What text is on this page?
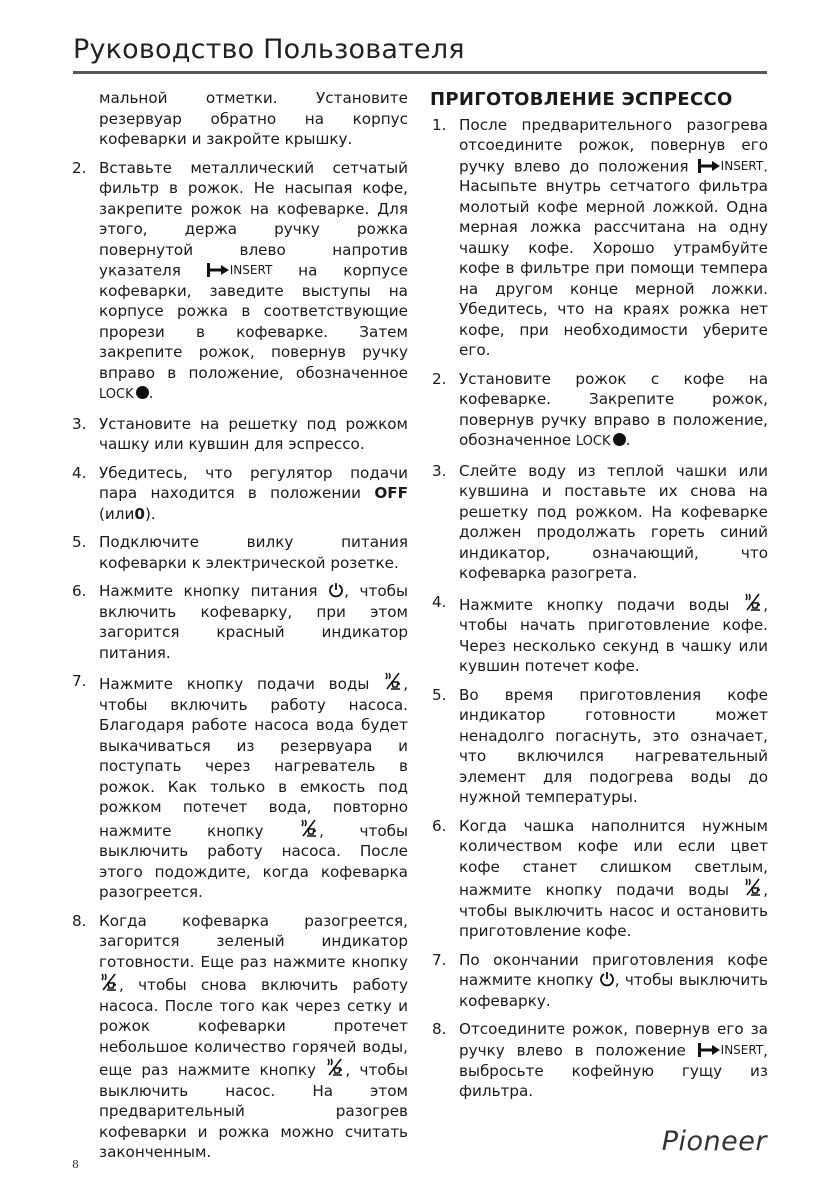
Руководство Пользователя

мальной отметки. Установите резервуар обратно на корпус кофеварки и закройте крышку.

2. Вставьте металлический сетчатый фильтр в рожок. Не насыпая кофе, закрепите рожок на кофеварке. Для этого, держа ручку рожка повернутой влево напротив указателя	INSERT на корпусе кофеварки, заведите выступы на корпусе рожка в соответствующие прорези в кофеварке. Затем закрепите рожок, повернув ручку вправо в положение, обозначенное LOCK .
3. Установите на решетку под рожком чашку или кувшин для эспрессо.
4. Убедитесь, что регулятор подачи пара находится в положении OFF (или0).
5. Подключите вилку питания кофеварки к электрической розетке.
6. Нажмите кнопку питания , чтобы включить кофеварку, при этом загорится красный индикатор питания.
7. Нажмите кнопку подачи воды , чтобы включить работу насоса. Благодаря работе насоса вода будет выкачиваться из резервуара и поступать через нагреватель в рожок. Как только в емкость под рожком потечет вода, повторно нажмите кнопку	, чтобы выключить работу насоса. После этого подождите, когда кофеварка разогреется.
8. Когда кофеварка разогреется, загорится зеленый индикатор готовности. Еще раз нажмите кнопку , чтобы снова включить работу насоса. После того как через сетку и рожок кофеварки протечет небольшое количество горячей воды, еще раз нажмите кнопку , чтобы выключить насос. На этом предварительный разогрев кофеварки и рожка можно считать законченным.
ПРИГОТОВЛЕНИЕ ЭСПРЕССО
1. После предварительного разогрева отсоедините рожок, повернув его ручку влево до положения	INSERT . Насыпьте внутрь сетчатого фильтра молотый кофе мерной ложкой. Одна мерная ложка рассчитана на одну чашку кофе. Хорошо утрамбуйте кофе в фильтре при помощи темпера на другом конце мерной ложки. Убедитесь, что на краях рожка нет кофе, при необходимости уберите его.
2. Установите рожок с кофе на кофеварке. Закрепите рожок, повернув ручку вправо в положение, обозначенное LOCK .
3. Слейте воду из теплой чашки или кувшина и поставьте их снова на решетку под рожком. На кофеварке должен продолжать гореть синий индикатор, означающий, что кофеварка разогрета.
4. Нажмите кнопку подачи воды , чтобы начать приготовление кофе. Через несколько секунд в чашку или кувшин потечет кофе.
5. Во время приготовления кофе индикатор готовности может ненадолго погаснуть, это означает, что включился нагревательный элемент для подогрева воды до нужной температуры.
6. Когда чашка наполнится нужным количеством кофе или если цвет кофе станет слишком светлым, нажмите кнопку подачи воды , чтобы выключить насос и остановить приготовление кофе.
7. По окончании приготовления кофе нажмите кнопку , чтобы выключить кофеварку.
8. Отсоедините рожок, повернув его за ручку влево в положение	INSERT , выбросьте кофейную гущу из фильтра.
8
Pioneer
